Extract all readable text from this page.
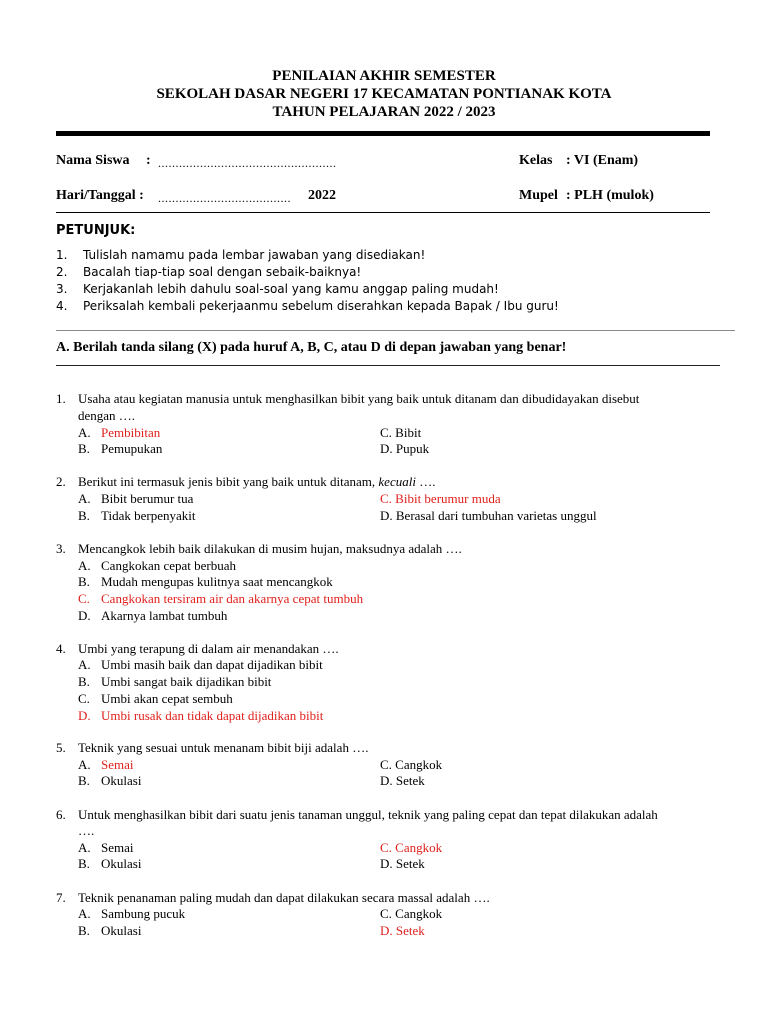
PENILAIAN AKHIR SEMESTER
SEKOLAH DASAR NEGERI 17 KECAMATAN PONTIANAK KOTA
TAHUN PELAJARAN 2022 / 2023
Nama Siswa : ...................................................	Kelas : VI (Enam)
Hari/Tanggal : ...................................... 2022	Mupel : PLH (mulok)
PETUNJUK:
1. Tulislah namamu pada lembar jawaban yang disediakan!
2. Bacalah tiap-tiap soal dengan sebaik-baiknya!
3. Kerjakanlah lebih dahulu soal-soal yang kamu anggap paling mudah!
4. Periksalah kembali pekerjaanmu sebelum diserahkan kepada Bapak / Ibu guru!
A. Berilah tanda silang (X) pada huruf A, B, C, atau D di depan jawaban yang benar!
1. Usaha atau kegiatan manusia untuk menghasilkan bibit yang baik untuk ditanam dan dibudidayakan disebut
dengan ….
A. Pembibitan	C. Bibit
B. Pemupukan	D. Pupuk
2. Berikut ini termasuk jenis bibit yang baik untuk ditanam, kecuali ….
A. Bibit berumur tua	C. Bibit berumur muda
B. Tidak berpenyakit	D. Berasal dari tumbuhan varietas unggul
3. Mencangkok lebih baik dilakukan di musim hujan, maksudnya adalah ….
A. Cangkokan cepat berbuah
B. Mudah mengupas kulitnya saat mencangkok
C. Cangkokan tersiram air dan akarnya cepat tumbuh
D. Akarnya lambat tumbuh
4. Umbi yang terapung di dalam air menandakan ….
A. Umbi masih baik dan dapat dijadikan bibit
B. Umbi sangat baik dijadikan bibit
C. Umbi akan cepat sembuh
D. Umbi rusak dan tidak dapat dijadikan bibit
5. Teknik yang sesuai untuk menanam bibit biji adalah ….
A. Semai	C. Cangkok
B. Okulasi	D. Setek
6. Untuk menghasilkan bibit dari suatu jenis tanaman unggul, teknik yang paling cepat dan tepat dilakukan adalah
….
A. Semai	C. Cangkok
B. Okulasi	D. Setek
7. Teknik penanaman paling mudah dan dapat dilakukan secara massal adalah ….
A. Sambung pucuk	C. Cangkok
B. Okulasi	D. Setek
